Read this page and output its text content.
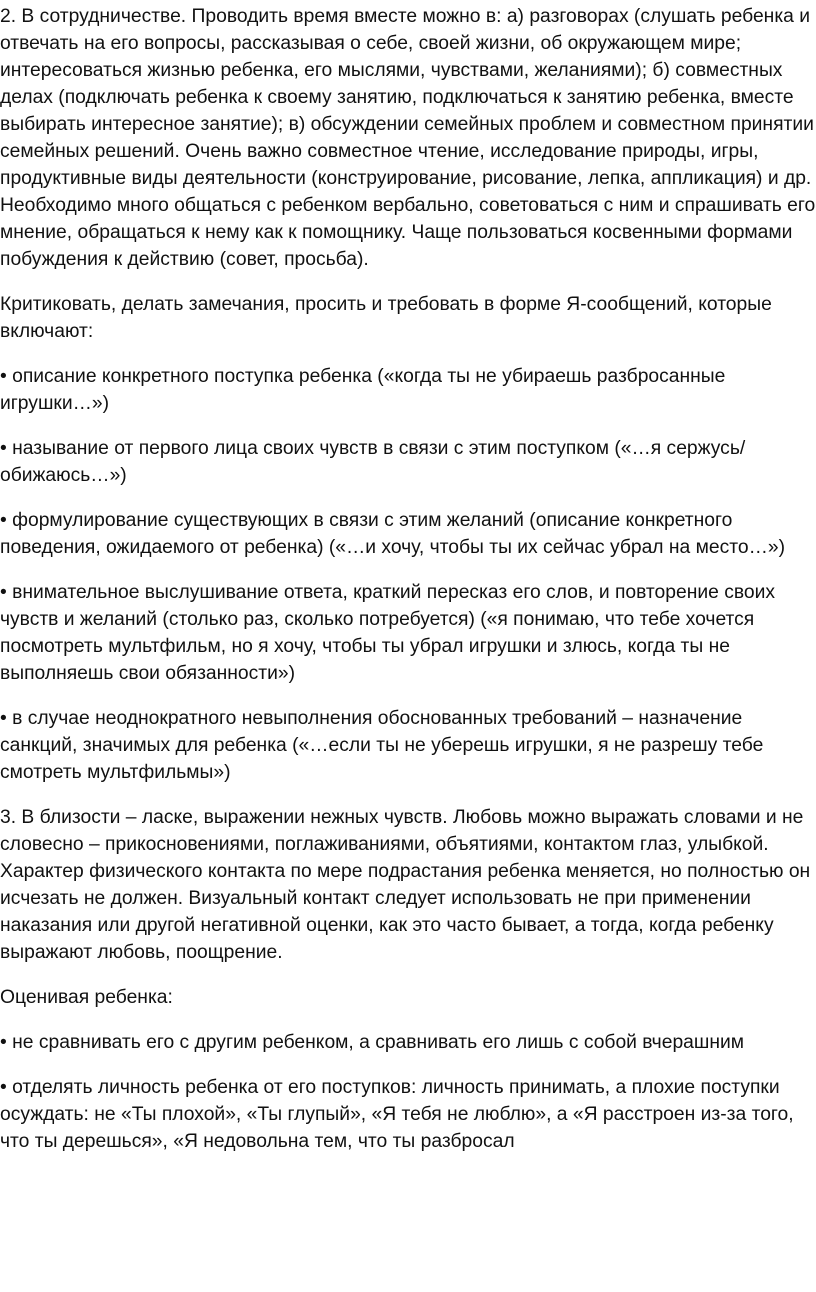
2. В сотрудничестве. Проводить время вместе можно в: а) разговорах (слушать ребенка и отвечать на его вопросы, рассказывая о себе, своей жизни, об окружающем мире; интересоваться жизнью ребенка, его мыслями, чувствами, желаниями); б) совместных делах (подключать ребенка к своему занятию, подключаться к занятию ребенка, вместе выбирать интересное занятие); в) обсуждении семейных проблем и совместном принятии семейных решений. Очень важно совместное чтение, исследование природы, игры, продуктивные виды деятельности (конструирование, рисование, лепка, аппликация) и др. Необходимо много общаться с ребенком вербально, советоваться с ним и спрашивать его мнение, обращаться к нему как к помощнику. Чаще пользоваться косвенными формами побуждения к действию (совет, просьба).

Критиковать, делать замечания, просить и требовать в форме Я-сообщений, которые включают:

• описание конкретного поступка ребенка («когда ты не убираешь разбросанные игрушки…»)

• называние от первого лица своих чувств в связи с этим поступком («…я сержусь/обижаюсь…»)

• формулирование существующих в связи с этим желаний (описание конкретного поведения, ожидаемого от ребенка) («…и хочу, чтобы ты их сейчас убрал на место…»)

• внимательное выслушивание ответа, краткий пересказ его слов, и повторение своих чувств и желаний (столько раз, сколько потребуется) («я понимаю, что тебе хочется посмотреть мультфильм, но я хочу, чтобы ты убрал игрушки и злюсь, когда ты не выполняешь свои обязанности»)

• в случае неоднократного невыполнения обоснованных требований – назначение санкций, значимых для ребенка («…если ты не уберешь игрушки, я не разрешу тебе смотреть мультфильмы»)

3. В близости – ласке, выражении нежных чувств. Любовь можно выражать словами и не словесно – прикосновениями, поглаживаниями, объятиями, контактом глаз, улыбкой. Характер физического контакта по мере подрастания ребенка меняется, но полностью он исчезать не должен. Визуальный контакт следует использовать не при применении наказания или другой негативной оценки, как это часто бывает, а тогда, когда ребенку выражают любовь, поощрение.

Оценивая ребенка:

• не сравнивать его с другим ребенком, а сравнивать его лишь с собой вчерашним

• отделять личность ребенка от его поступков: личность принимать, а плохие поступки осуждать: не «Ты плохой», «Ты глупый», «Я тебя не люблю», а «Я расстроен из-за того, что ты дерешься», «Я недовольна тем, что ты разбросал
